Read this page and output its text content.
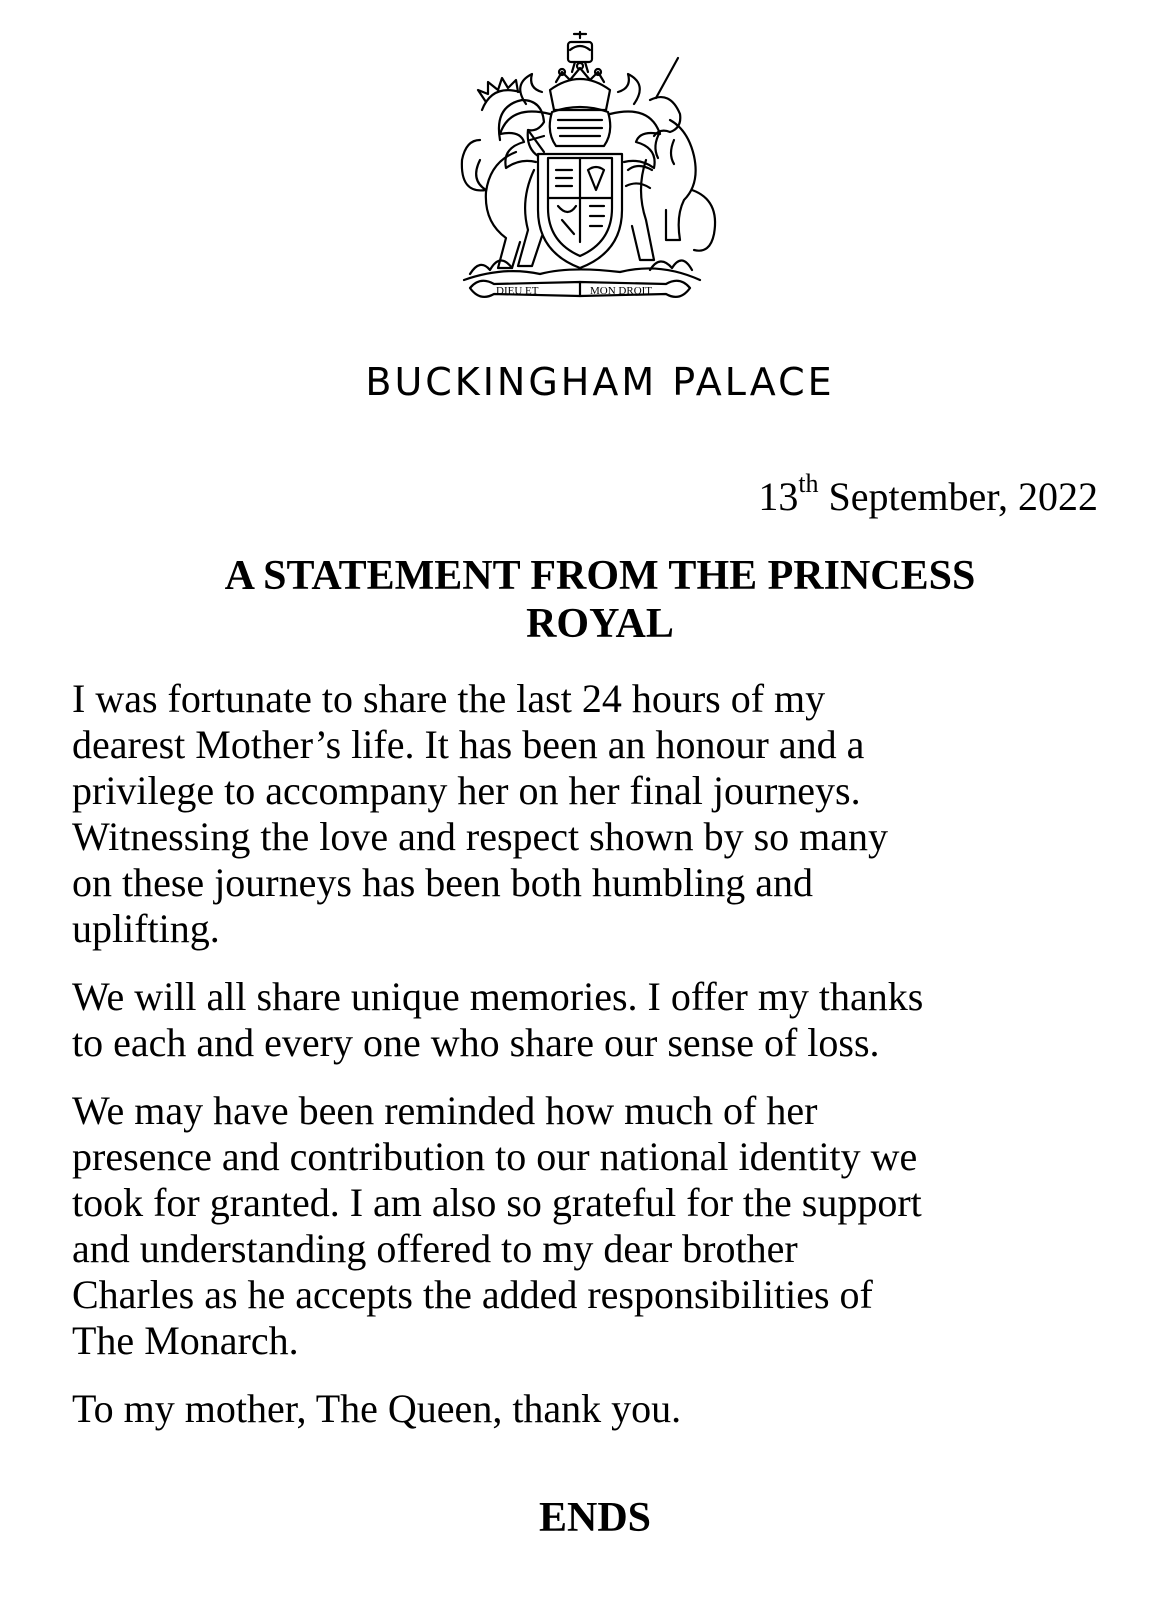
DIEU ET	MON DROIT
BUCKINGHAM PALACE
13th September, 2022
A STATEMENT FROM THE PRINCESS
ROYAL

I was fortunate to share the last 24 hours of my
dearest Mother’s life. It has been an honour and a
privilege to accompany her on her final journeys.
Witnessing the love and respect shown by so many
on these journeys has been both humbling and
uplifting.

We will all share unique memories. I offer my thanks
to each and every one who share our sense of loss.

We may have been reminded how much of her
presence and contribution to our national identity we
took for granted. I am also so grateful for the support
and understanding offered to my dear brother
Charles as he accepts the added responsibilities of
The Monarch.

To my mother, The Queen, thank you.

ENDS
